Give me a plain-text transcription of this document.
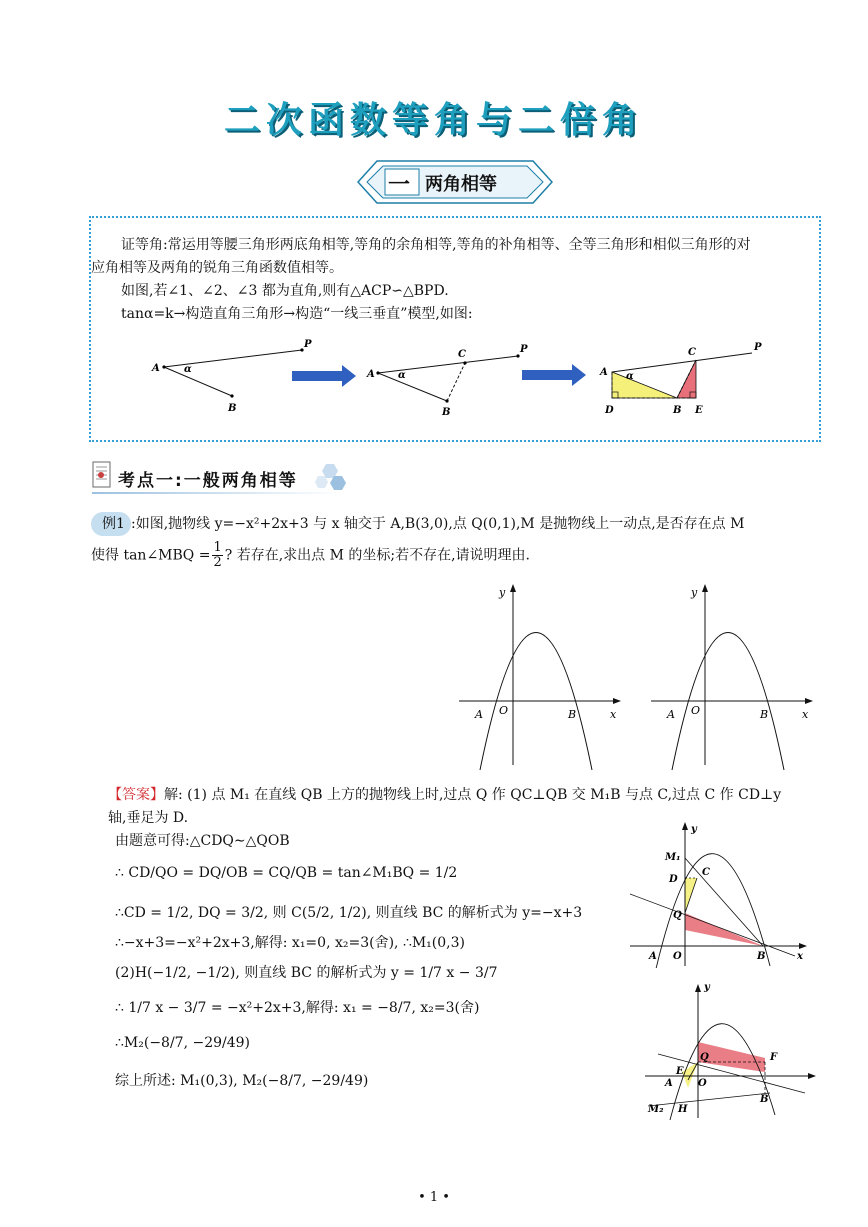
二次函数等角与二倍角
一 两角相等
证等角:常运用等腰三角形两底角相等,等角的余角相等,等角的补角相等、全等三角形和相似三角形的对
应角相等及两角的锐角三角函数值相等。
如图,若∠1、∠2、∠3 都为直角,则有△ACP∽△BPD.
tanα=k→构造直角三角形→构造“一线三垂直”模型,如图:
A
P
B
α	A
P
B
C
α	A
P
C
D	B E
α
考点一:一般两角相等
例1 :如图,抛物线 y=−x²+2x+3 与 x 轴交于 A,B(3,0),点 Q(0,1),M 是抛物线上一动点,是否存在点 M
使得 tan∠MBQ = $\frac{1}{2}$ ? 若存在,求出点 M 的坐标;若不存在,请说明理由.
A O	B	x
y
A O	B	x
y
【答案】解: (1) 点 M₁ 在直线 QB 上方的抛物线上时,过点 Q 作 QC⊥QB 交 M₁B 与点 C,过点 C 作 CD⊥y
轴,垂足为 D.
由题意可得:△CDQ∼△QOB
∴ CD/QO = DQ/OB = CQ/QB = tan∠M₁BQ = 1/2
∴CD = 1/2, DQ = 3/2, 则 C(5/2, 1/2), 则直线 BC 的解析式为 y=−x+3
∴−x+3=−x²+2x+3,解得: x₁=0, x₂=3(舍), ∴M₁(0,3)
(2)H(−1/2, −1/2), 则直线 BC 的解析式为 y = 1/7 x − 3/7
∴ 1/7 x − 3/7 = −x²+2x+3,解得: x₁ = −8/7, x₂=3(舍)
∴M₂(−8/7, −29/49)
综上所述: M₁(0,3), M₂(−8/7, −29/49)
M₁
D
C
Q
A O	B	x
y
Q	F
E
A	O
B
H
M₂
y
• 1 •
